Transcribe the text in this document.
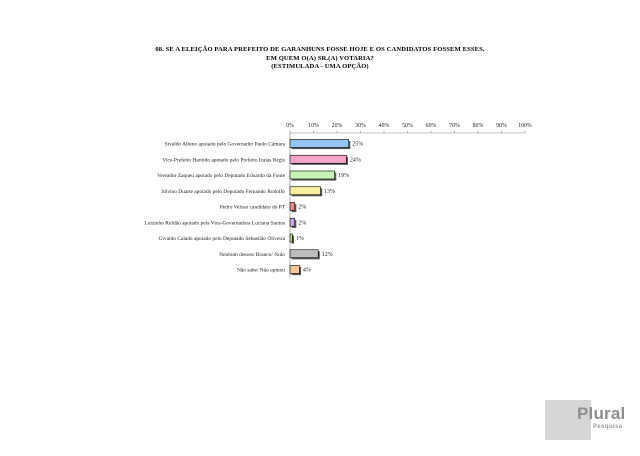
08. SE A ELEIÇÃO PARA PREFEITO DE GARANHUNS FOSSE HOJE E OS CANDIDATOS FOSSEM ESSES,
EM QUEM O(A) SR.(A) VOTARIA?
(ESTIMULADA - UMA OPÇÃO)
0% 10% 20% 30% 40% 50% 60% 70% 80% 90% 100%
Sivaldo Albino apoiado pelo Governador Paulo Câmara
Vice-Prefeito Haroldo apoiado pelo Prefeito Izaías Régis
Vereador Zaqueu apoiado pelo Deputado Eduardo da Fonte
Silvino Duarte apoiado pelo Deputado Fernando Rodolfo
Pedro Veloso candidato do PT
Luizinho Roldão apoiado pela Vice-Governadora Luciana Santos
Givaldo Calado apoiado pelo Deputado Sebastião Oliveira
Nenhum desses/ Branco/ Nulo
Não sabe/ Não opinou
25%
24%
19%
13%
2%
2%
1%
12%
4%
Plural
Pesquisa
